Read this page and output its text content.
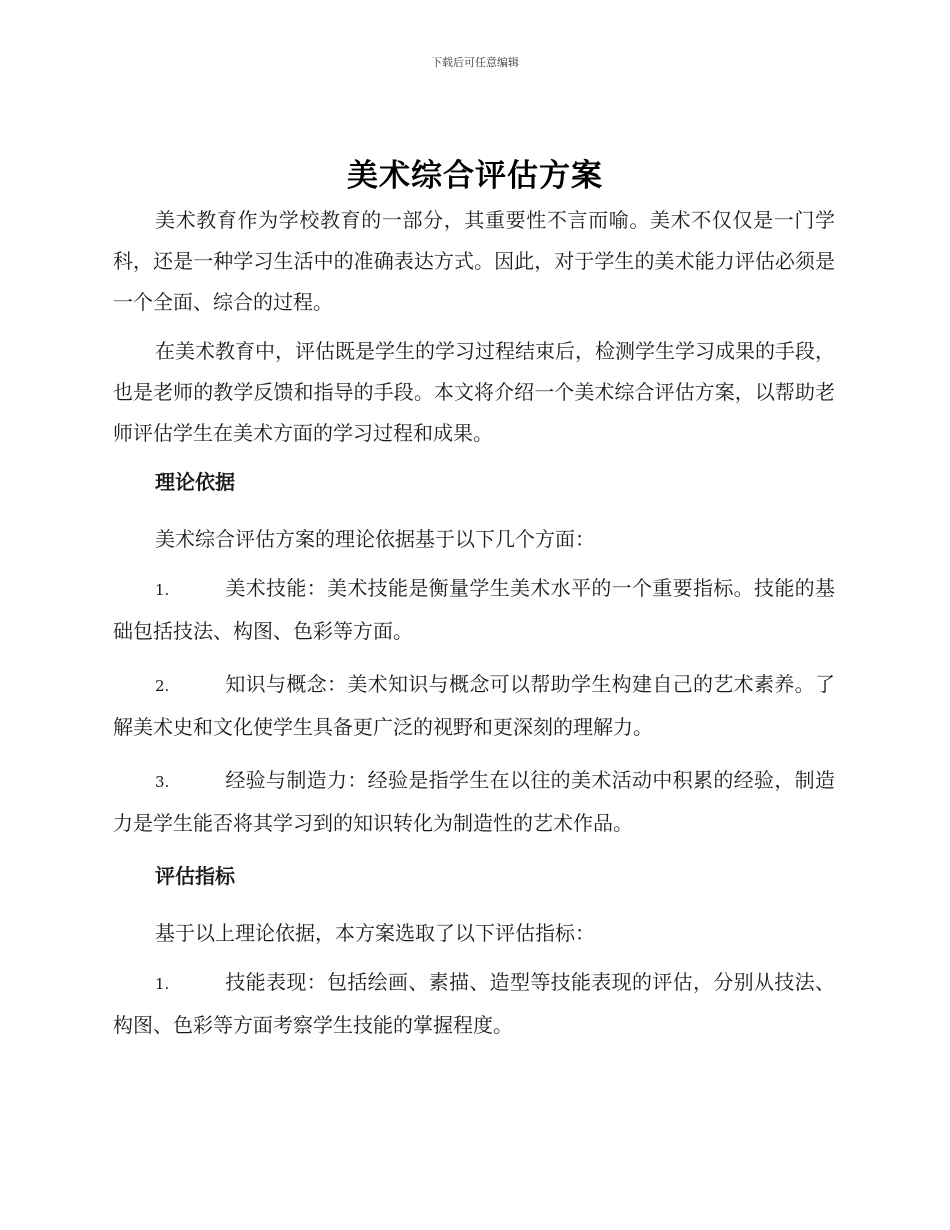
下载后可任意编辑
美术综合评估方案

美术教育作为学校教育的一部分，其重要性不言而喻。美术不仅仅是一门学科，还是一种学习生活中的准确表达方式。因此，对于学生的美术能力评估必须是一个全面、综合的过程。

在美术教育中，评估既是学生的学习过程结束后，检测学生学习成果的手段，也是老师的教学反馈和指导的手段。本文将介绍一个美术综合评估方案，以帮助老师评估学生在美术方面的学习过程和成果。

理论依据

美术综合评估方案的理论依据基于以下几个方面：

1.	美术技能：美术技能是衡量学生美术水平的一个重要指标。技能的基础包括技法、构图、色彩等方面。
2.	知识与概念：美术知识与概念可以帮助学生构建自己的艺术素养。了解美术史和文化使学生具备更广泛的视野和更深刻的理解力。
3.	经验与制造力：经验是指学生在以往的美术活动中积累的经验，制造力是学生能否将其学习到的知识转化为制造性的艺术作品。
评估指标

基于以上理论依据，本方案选取了以下评估指标：

1.	技能表现：包括绘画、素描、造型等技能表现的评估，分别从技法、构图、色彩等方面考察学生技能的掌握程度。
